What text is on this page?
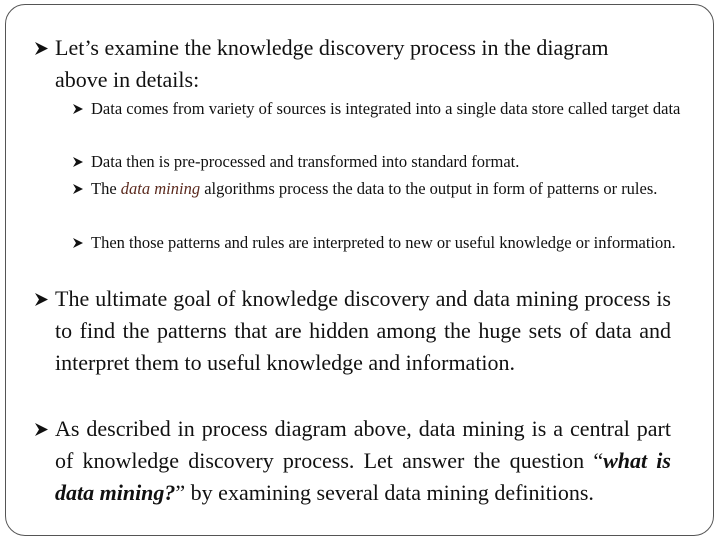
Let’s examine the knowledge discovery process in the diagram above in details:
Data comes from variety of sources is integrated into a single data store called target data
Data then is pre-processed and transformed into standard format.
The data mining algorithms process the data to the output in form of patterns or rules.
Then those patterns and rules are interpreted to new or useful knowledge or information.
The ultimate goal of knowledge discovery and data mining process is to find the patterns that are hidden among the huge sets of data and interpret them to useful knowledge and information.
As described in process diagram above, data mining is a central part of knowledge discovery process. Let answer the question “what is data mining?” by examining several data mining definitions.
